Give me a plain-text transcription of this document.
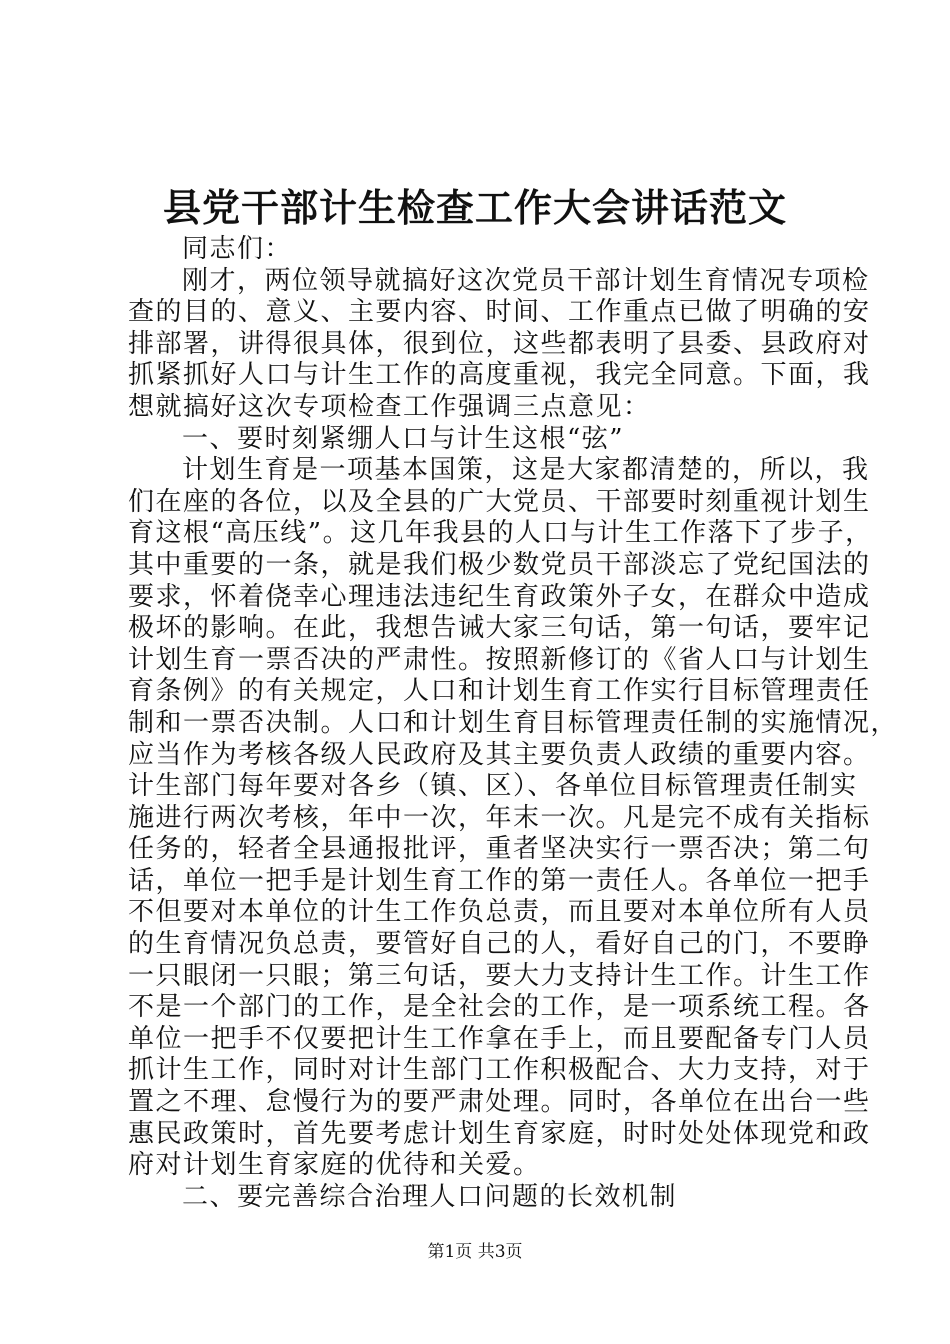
县党干部计生检查工作大会讲话范文
同志们：
刚才，两位领导就搞好这次党员干部计划生育情况专项检
查的目的、意义、主要内容、时间、工作重点已做了明确的安
排部署，讲得很具体，很到位，这些都表明了县委、县政府对
抓紧抓好人口与计生工作的高度重视，我完全同意。下面，我
想就搞好这次专项检查工作强调三点意见：
一、要时刻紧绷人口与计生这根“弦”
计划生育是一项基本国策，这是大家都清楚的，所以，我
们在座的各位，以及全县的广大党员、干部要时刻重视计划生
育这根“高压线”。这几年我县的人口与计生工作落下了步子，
其中重要的一条，就是我们极少数党员干部淡忘了党纪国法的
要求，怀着侥幸心理违法违纪生育政策外子女，在群众中造成
极坏的影响。在此，我想告诫大家三句话，第一句话，要牢记
计划生育一票否决的严肃性。按照新修订的《省人口与计划生
育条例》的有关规定，人口和计划生育工作实行目标管理责任
制和一票否决制。人口和计划生育目标管理责任制的实施情况，
应当作为考核各级人民政府及其主要负责人政绩的重要内容。
计生部门每年要对各乡（镇、区）、各单位目标管理责任制实
施进行两次考核，年中一次，年末一次。凡是完不成有关指标
任务的，轻者全县通报批评，重者坚决实行一票否决；第二句
话，单位一把手是计划生育工作的第一责任人。各单位一把手
不但要对本单位的计生工作负总责，而且要对本单位所有人员
的生育情况负总责，要管好自己的人，看好自己的门，不要睁
一只眼闭一只眼；第三句话，要大力支持计生工作。计生工作
不是一个部门的工作，是全社会的工作，是一项系统工程。各
单位一把手不仅要把计生工作拿在手上，而且要配备专门人员
抓计生工作，同时对计生部门工作积极配合、大力支持，对于
置之不理、怠慢行为的要严肃处理。同时，各单位在出台一些
惠民政策时，首先要考虑计划生育家庭，时时处处体现党和政
府对计划生育家庭的优待和关爱。
二、要完善综合治理人口问题的长效机制
第1页 共3页
